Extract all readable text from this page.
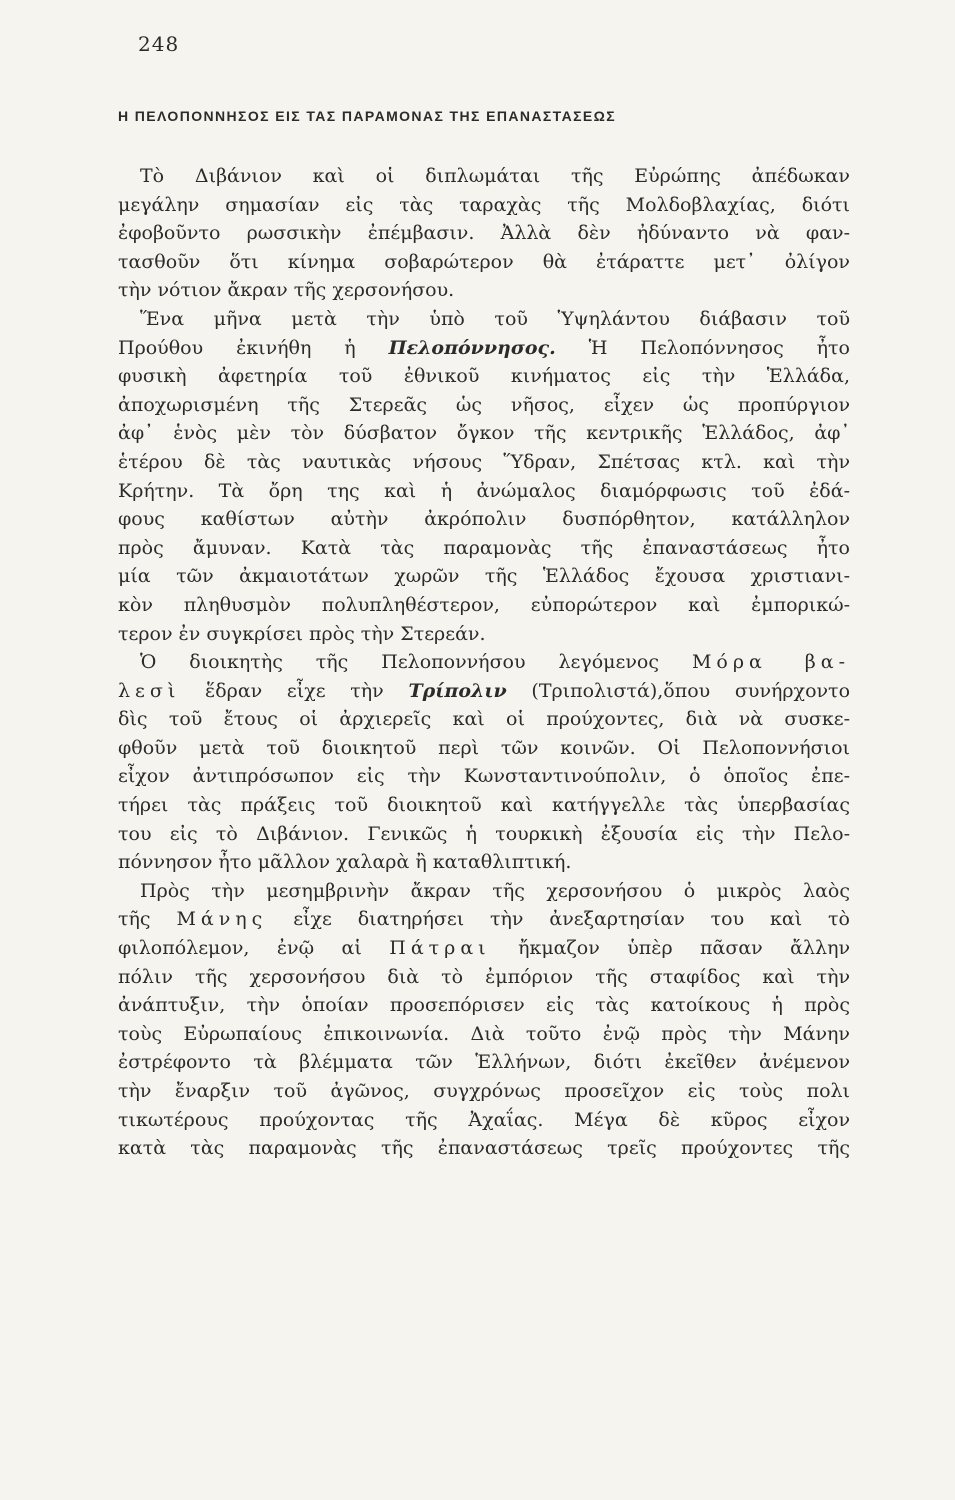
248
Η ΠΕΛΟΠΟΝΝΗΣΟΣ ΕΙΣ ΤΑΣ ΠΑΡΑΜΟΝΑΣ ΤΗΣ ΕΠΑΝΑΣΤΑΣΕΩΣ
Τὸ Διβάνιον καὶ οἱ διπλωμάται τῆς Εὐρώπης ἀπέδωκαν
μεγάλην σημασίαν εἰς τὰς ταραχὰς τῆς Μολδοβλαχίας, διότι
ἐφοβοῦντο ρωσσικὴν ἐπέμβασιν. Ἀλλὰ δὲν ἠδύναντο νὰ φαν-
τασθοῦν ὅτι κίνημα σοβαρώτερον θὰ ἐτάραττε μετ᾽ ὀλίγον
τὴν νότιον ἄκραν τῆς χερσονήσου.
Ἕνα μῆνα μετὰ τὴν ὑπὸ τοῦ Ὑψηλάντου διάβασιν τοῦ
Προύθου ἐκινήθη ἡ Πελοπόννησος. Ἡ Πελοπόννησος ἦτο
φυσικὴ ἀφετηρία τοῦ ἐθνικοῦ κινήματος εἰς τὴν Ἑλλάδα,
ἀποχωρισμένη τῆς Στερεᾶς ὡς νῆσος, εἶχεν ὡς προπύργιον
ἀφ᾽ ἑνὸς μὲν τὸν δύσβατον ὄγκον τῆς κεντρικῆς Ἑλλάδος, ἀφ᾽
ἑτέρου δὲ τὰς ναυτικὰς νήσους Ὕδραν, Σπέτσας κτλ. καὶ τὴν
Κρήτην. Τὰ ὄρη της καὶ ἡ ἀνώμαλος διαμόρφωσις τοῦ ἐδά-
φους καθίστων αὐτὴν ἀκρόπολιν δυσπόρθητον, κατάλληλον
πρὸς ἄμυναν. Κατὰ τὰς παραμονὰς τῆς ἐπαναστάσεως ἦτο
μία τῶν ἀκμαιοτάτων χωρῶν τῆς Ἑλλάδος ἔχουσα χριστιανι-
κὸν πληθυσμὸν πολυπληθέστερον, εὐπορώτερον καὶ ἐμπορικώ-
τερον ἐν συγκρίσει πρὸς τὴν Στερεάν.
Ὁ διοικητὴς τῆς Πελοποννήσου λεγόμενος Μόρα βα-
λεσὶ ἕδραν εἶχε τὴν Τρίπολιν (Τριπολιστά),ὅπου συνήρχοντο
δὶς τοῦ ἔτους οἱ ἀρχιερεῖς καὶ οἱ προύχοντες, διὰ νὰ συσκε-
φθοῦν μετὰ τοῦ διοικητοῦ περὶ τῶν κοινῶν. Οἱ Πελοποννήσιοι
εἶχον ἀντιπρόσωπον εἰς τὴν Κωνσταντινούπολιν, ὁ ὁποῖος ἐπε-
τήρει τὰς πράξεις τοῦ διοικητοῦ καὶ κατήγγελλε τὰς ὑπερβασίας
του εἰς τὸ Διβάνιον. Γενικῶς ἡ τουρκικὴ ἐξουσία εἰς τὴν Πελο-
πόννησον ἦτο μᾶλλον χαλαρὰ ἢ καταθλιπτική.
Πρὸς τὴν μεσημβρινὴν ἄκραν τῆς χερσονήσου ὁ μικρὸς λαὸς
τῆς Μάνης εἶχε διατηρήσει τὴν ἀνεξαρτησίαν του καὶ τὸ
φιλοπόλεμον, ἐνῷ αἱ Πάτραι ἤκμαζον ὑπὲρ πᾶσαν ἄλλην
πόλιν τῆς χερσονήσου διὰ τὸ ἐμπόριον τῆς σταφίδος καὶ τὴν
ἀνάπτυξιν, τὴν ὁποίαν προσεπόρισεν εἰς τὰς κατοίκους ἡ πρὸς
τοὺς Εὐρωπαίους ἐπικοινωνία. Διὰ τοῦτο ἐνῷ πρὸς τὴν Μάνην
ἐστρέφοντο τὰ βλέμματα τῶν Ἑλλήνων, διότι ἐκεῖθεν ἀνέμενον
τὴν ἔναρξιν τοῦ ἀγῶνος, συγχρόνως προσεῖχον εἰς τοὺς πολι
τικωτέρους προύχοντας τῆς Ἀχαΐας. Μέγα δὲ κῦρος εἶχον
κατὰ τὰς παραμονὰς τῆς ἐπαναστάσεως τρεῖς προύχοντες τῆς
